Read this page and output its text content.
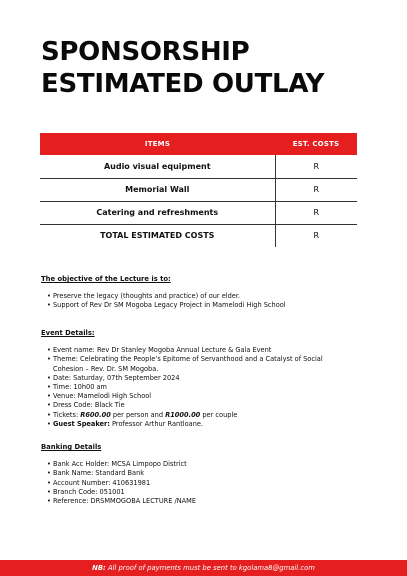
SPONSORSHIP
ESTIMATED OUTLAY
ITEMS	EST. COSTS
Audio visual equipment	R
Memorial Wall	R
Catering and refreshments	R
TOTAL ESTIMATED COSTS	R
The objective of the Lecture is to:
• Preserve the legacy (thoughts and practice) of our elder.
• Support of Rev Dr SM Mogoba Legacy Project in Mamelodi High School
Event Details:
• Event name: Rev Dr Stanley Mogoba Annual Lecture & Gala Event
• Theme: Celebrating the People’s Epitome of Servanthood and a Catalyst of Social
Cohesion – Rev. Dr. SM Mogoba.
• Date: Saturday, 07th September 2024
• Time: 10h00 am
• Venue: Mamelodi High School
• Dress Code: Black Tie
• Tickets: R600.00 per person and R1000.00 per couple
• Guest Speaker: Professor Arthur Rantloane.
Banking Details
• Bank Acc Holder: MCSA Limpopo District
• Bank Name: Standard Bank
• Account Number: 410631981
• Branch Code: 051001
• Reference: DRSMMOGOBA LECTURE /NAME
NB: All proof of payments must be sent to kgolama8@gmail.com
